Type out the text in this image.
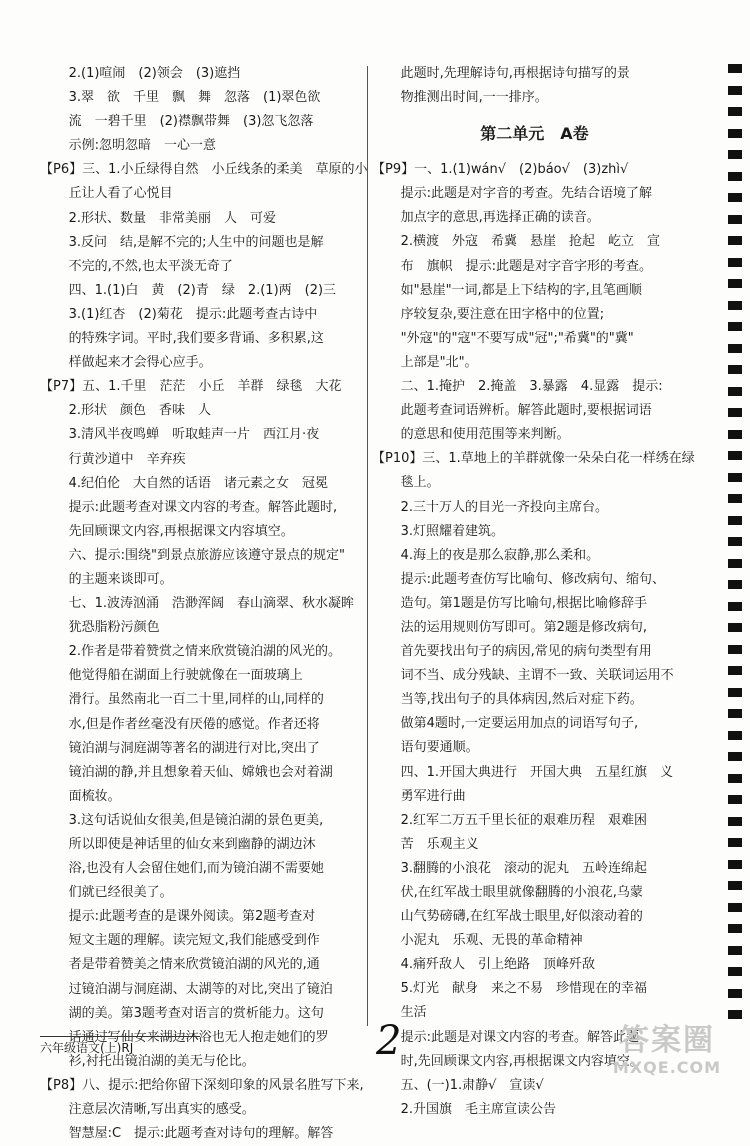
2.(1)喧闹　(2)领会　(3)遮挡
3.翠　欲　千里　飘　舞　忽落　(1)翠色欲
流　一碧千里　(2)襟飘带舞　(3)忽飞忽落
示例:忽明忽暗　一心一意
【P6】三、1.小丘绿得自然　小丘线条的柔美　草原的小
丘让人看了心悦目
2.形状、数量　非常美丽　人　可爱
3.反问　结,是解不完的;人生中的问题也是解
不完的,不然,也太平淡无奇了
四、1.(1)白　黄　(2)青　绿　2.(1)两　(2)三
3.(1)红杏　(2)菊花　提示:此题考查古诗中
的特殊字词。平时,我们要多背诵、多积累,这
样做起来才会得心应手。
【P7】五、1.千里　茫茫　小丘　羊群　绿毯　大花
2.形状　颜色　香味　人
3.清风半夜鸣蝉　听取蛙声一片　西江月·夜
行黄沙道中　辛弃疾
4.纪伯伦　大自然的话语　诸元素之女　冠冕
提示:此题考查对课文内容的考查。解答此题时,
先回顾课文内容,再根据课文内容填空。
六、提示:围绕"到景点旅游应该遵守景点的规定"
的主题来谈即可。
七、1.波涛汹涌　浩渺浑阔　春山滴翠、秋水凝眸
犹恐脂粉污颜色
2.作者是带着赞赏之情来欣赏镜泊湖的风光的。
他觉得船在湖面上行驶就像在一面玻璃上
滑行。虽然南北一百二十里,同样的山,同样的
水,但是作者丝毫没有厌倦的感觉。作者还将
镜泊湖与洞庭湖等著名的湖进行对比,突出了
镜泊湖的静,并且想象着天仙、嫦娥也会对着湖
面梳妆。
3.这句话说仙女很美,但是镜泊湖的景色更美,
所以即使是神话里的仙女来到幽静的湖边沐
浴,也没有人会留住她们,而为镜泊湖不需要她
们就已经很美了。
提示:此题考查的是课外阅读。第2题考查对
短文主题的理解。读完短文,我们能感受到作
者是带着赞美之情来欣赏镜泊湖的风光的,通
过镜泊湖与洞庭湖、太湖等的对比,突出了镜泊
湖的美。第3题考查对语言的赏析能力。这句
话通过写仙女来湖边沐浴也无人抱走她们的罗
衫,衬托出镜泊湖的美无与伦比。
【P8】八、提示:把给你留下深刻印象的风景名胜写下来,
注意层次清晰,写出真实的感受。
智慧屋:C　提示:此题考查对诗句的理解。解答
此题时,先理解诗句,再根据诗句描写的景
物推测出时间,一一排序。
第二单元　A卷
【P9】一、1.(1)wán√　(2)báo√　(3)zhì√
提示:此题是对字音的考查。先结合语境了解
加点字的意思,再选择正确的读音。
2.横渡　外寇　希冀　悬崖　抢起　屹立　宣
布　旗帜　提示:此题是对字音字形的考查。
如"悬崖"一词,都是上下结构的字,且笔画顺
序较复杂,要注意在田字格中的位置;
"外寇"的"寇"不要写成"冠";"希冀"的"冀"
上部是"北"。
二、1.掩护　2.掩盖　3.暴露　4.显露　提示:
此题考查词语辨析。解答此题时,要根据词语
的意思和使用范围等来判断。
【P10】三、1.草地上的羊群就像一朵朵白花一样绣在绿
毯上。
2.三十万人的目光一齐投向主席台。
3.灯照耀着建筑。
4.海上的夜是那么寂静,那么柔和。
提示:此题考查仿写比喻句、修改病句、缩句、
造句。第1题是仿写比喻句,根据比喻修辞手
法的运用规则仿写即可。第2题是修改病句,
首先要找出句子的病因,常见的病句类型有用
词不当、成分残缺、主谓不一致、关联词运用不
当等,找出句子的具体病因,然后对症下药。
做第4题时,一定要运用加点的词语写句子,
语句要通顺。
四、1.开国大典进行　开国大典　五星红旗　义
勇军进行曲
2.红军二万五千里长征的艰难历程　艰难困
苦　乐观主义
3.翻腾的小浪花　滚动的泥丸　五岭连绵起
伏,在红军战士眼里就像翻腾的小浪花,乌蒙
山气势磅礴,在红军战士眼里,好似滚动着的
小泥丸　乐观、无畏的革命精神
4.痛歼敌人　引上绝路　顶峰歼敌
5.灯光　献身　来之不易　珍惜现在的幸福
生活
提示:此题是对课文内容的考查。解答此题
时,先回顾课文内容,再根据课文内容填空。
五、(一)1.肃静√　宣读√
2.升国旗　毛主席宣读公告
六年级语文(上)RJ	2	答案圈
MXQE.COM
